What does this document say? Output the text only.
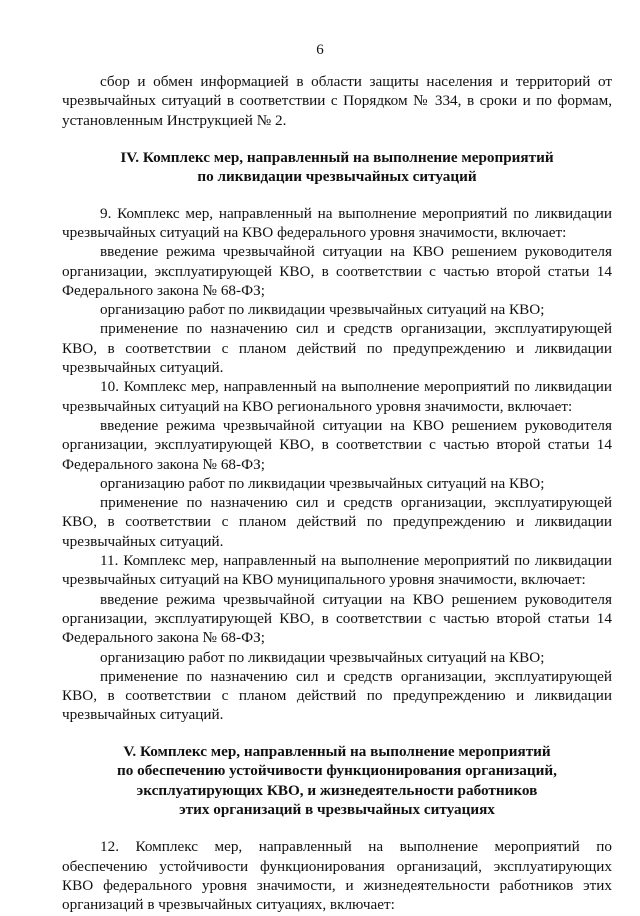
6

сбор и обмен информацией в области защиты населения и территорий от чрезвычайных ситуаций в соответствии с Порядком № 334, в сроки и по формам, установленным Инструкцией № 2.

IV. Комплекс мер, направленный на выполнение мероприятий
по ликвидации чрезвычайных ситуаций

9. Комплекс мер, направленный на выполнение мероприятий по ликвидации чрезвычайных ситуаций на КВО федерального уровня значимости, включает:

введение режима чрезвычайной ситуации на КВО решением руководителя организации, эксплуатирующей КВО, в соответствии с частью второй статьи 14 Федерального закона № 68-ФЗ;

организацию работ по ликвидации чрезвычайных ситуаций на КВО;

применение по назначению сил и средств организации, эксплуатирующей КВО, в соответствии с планом действий по предупреждению и ликвидации чрезвычайных ситуаций.

10. Комплекс мер, направленный на выполнение мероприятий по ликвидации чрезвычайных ситуаций на КВО регионального уровня значимости, включает:

введение режима чрезвычайной ситуации на КВО решением руководителя организации, эксплуатирующей КВО, в соответствии с частью второй статьи 14 Федерального закона № 68-ФЗ;

организацию работ по ликвидации чрезвычайных ситуаций на КВО;

применение по назначению сил и средств организации, эксплуатирующей КВО, в соответствии с планом действий по предупреждению и ликвидации чрезвычайных ситуаций.

11. Комплекс мер, направленный на выполнение мероприятий по ликвидации чрезвычайных ситуаций на КВО муниципального уровня значимости, включает:

введение режима чрезвычайной ситуации на КВО решением руководителя организации, эксплуатирующей КВО, в соответствии с частью второй статьи 14 Федерального закона № 68-ФЗ;

организацию работ по ликвидации чрезвычайных ситуаций на КВО;

применение по назначению сил и средств организации, эксплуатирующей КВО, в соответствии с планом действий по предупреждению и ликвидации чрезвычайных ситуаций.

V. Комплекс мер, направленный на выполнение мероприятий
по обеспечению устойчивости функционирования организаций,
эксплуатирующих КВО, и жизнедеятельности работников
этих организаций в чрезвычайных ситуациях

12. Комплекс мер, направленный на выполнение мероприятий по обеспечению устойчивости функционирования организаций, эксплуатирующих КВО федерального уровня значимости, и жизнедеятельности работников этих организаций в чрезвычайных ситуациях, включает:
